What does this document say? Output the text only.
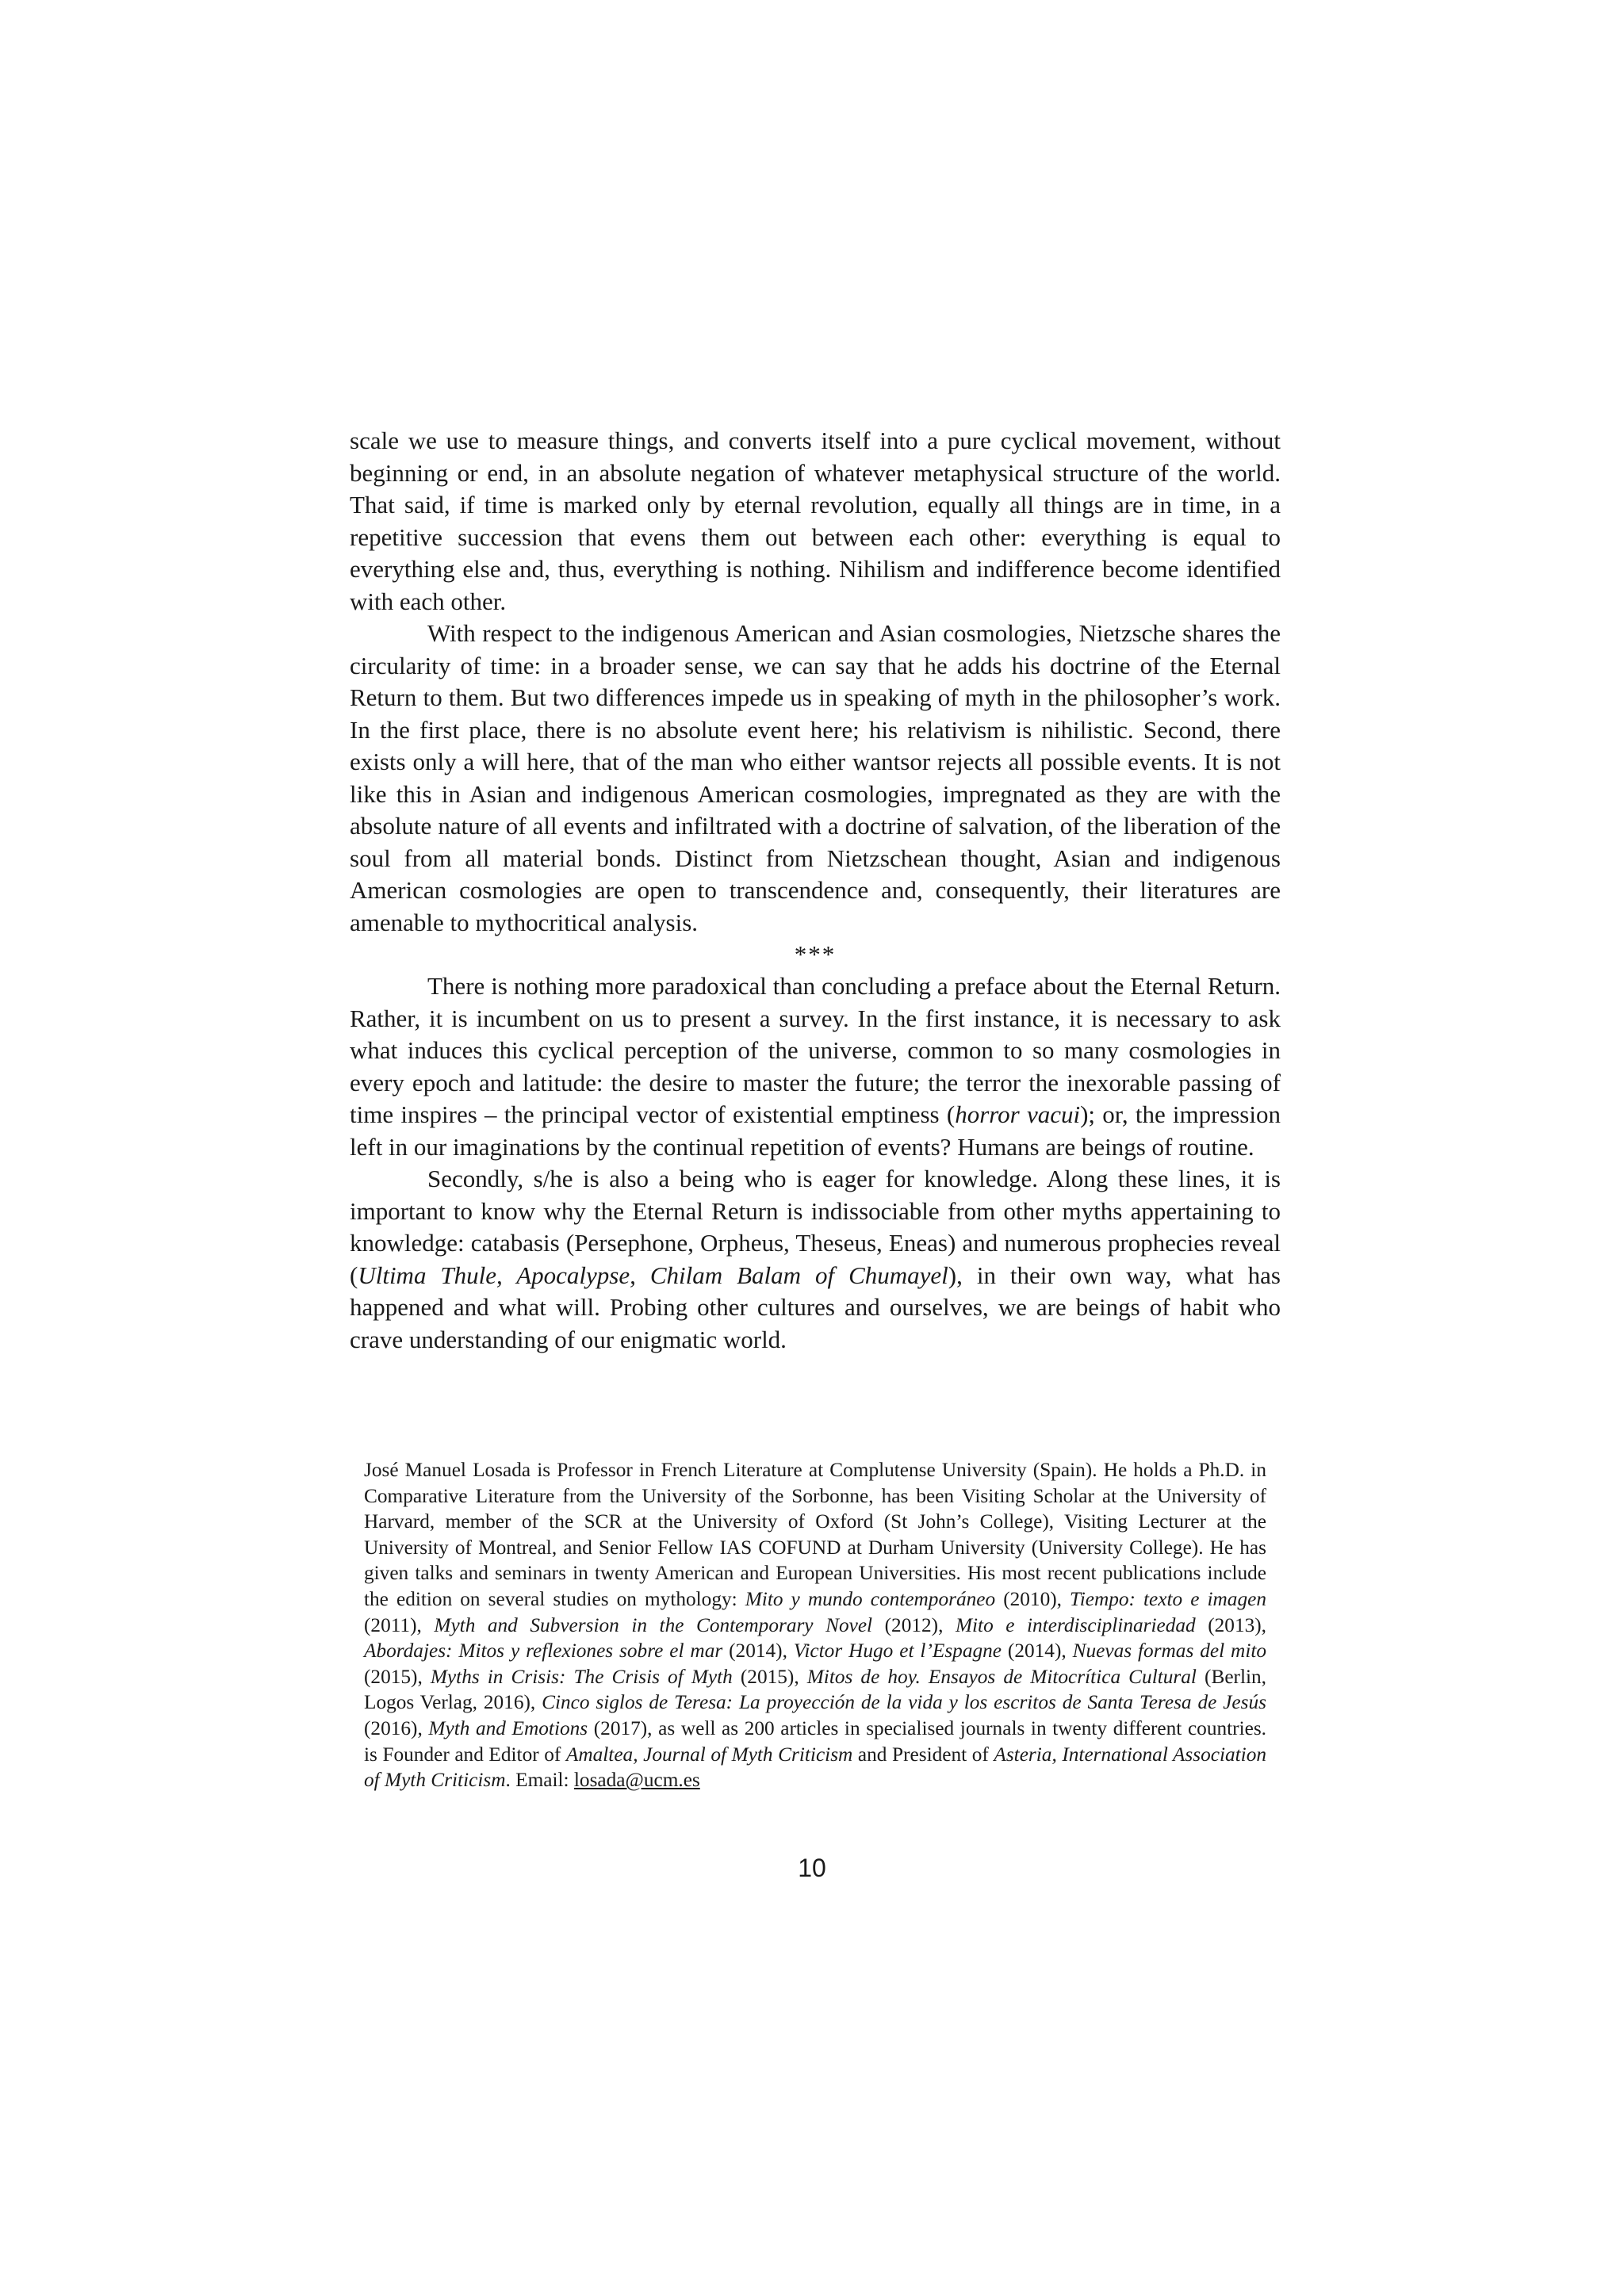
scale we use to measure things, and converts itself into a pure cyclical movement, without beginning or end, in an absolute negation of whatever metaphysical structure of the world. That said, if time is marked only by eternal revolution, equally all things are in time, in a repetitive succession that evens them out between each other: everything is equal to everything else and, thus, everything is nothing. Nihilism and indifference become identified with each other.

With respect to the indigenous American and Asian cosmologies, Nietzsche shares the circularity of time: in a broader sense, we can say that he adds his doctrine of the Eternal Return to them. But two differences impede us in speaking of myth in the philosopher’s work. In the first place, there is no absolute event here; his relativism is nihilistic. Second, there exists only a will here, that of the man who either wantsor rejects all possible events. It is not like this in Asian and indigenous American cosmologies, impregnated as they are with the absolute nature of all events and infiltrated with a doctrine of salvation, of the liberation of the soul from all material bonds. Distinct from Nietzschean thought, Asian and indigenous American cosmologies are open to transcendence and, consequently, their literatures are amenable to mythocritical analysis.

***

There is nothing more paradoxical than concluding a preface about the Eternal Return. Rather, it is incumbent on us to present a survey. In the first instance, it is necessary to ask what induces this cyclical perception of the universe, common to so many cosmologies in every epoch and latitude: the desire to master the future; the terror the inexorable passing of time inspires – the principal vector of existential emptiness (horror vacui); or, the impression left in our imaginations by the continual repetition of events? Humans are beings of routine.

Secondly, s/he is also a being who is eager for knowledge. Along these lines, it is important to know why the Eternal Return is indissociable from other myths appertaining to knowledge: catabasis (Persephone, Orpheus, Theseus, Eneas) and numerous prophecies reveal (Ultima Thule, Apocalypse, Chilam Balam of Chumayel), in their own way, what has happened and what will. Probing other cultures and ourselves, we are beings of habit who crave understanding of our enigmatic world.

José Manuel Losada is Professor in French Literature at Complutense University (Spain). He holds a Ph.D. in Comparative Literature from the University of the Sorbonne, has been Visiting Scholar at the University of Harvard, member of the SCR at the University of Oxford (St John’s College), Visiting Lecturer at the University of Montreal, and Senior Fellow IAS COFUND at Durham University (University College). He has given talks and seminars in twenty American and European Universities. His most recent publications include the edition on several studies on mythology: Mito y mundo contemporáneo (2010), Tiempo: texto e imagen (2011), Myth and Subversion in the Contemporary Novel (2012), Mito e interdisciplinariedad (2013), Abordajes: Mitos y reflexiones sobre el mar (2014), Victor Hugo et l’Espagne (2014), Nuevas formas del mito (2015), Myths in Crisis: The Crisis of Myth (2015), Mitos de hoy. Ensayos de Mitocrítica Cultural (Berlin, Logos Verlag, 2016), Cinco siglos de Teresa: La proyección de la vida y los escritos de Santa Teresa de Jesús (2016), Myth and Emotions (2017), as well as 200 articles in specialised journals in twenty different countries. is Founder and Editor of Amaltea, Journal of Myth Criticism and President of Asteria, International Association of Myth Criticism. Email: losada@ucm.es

10
